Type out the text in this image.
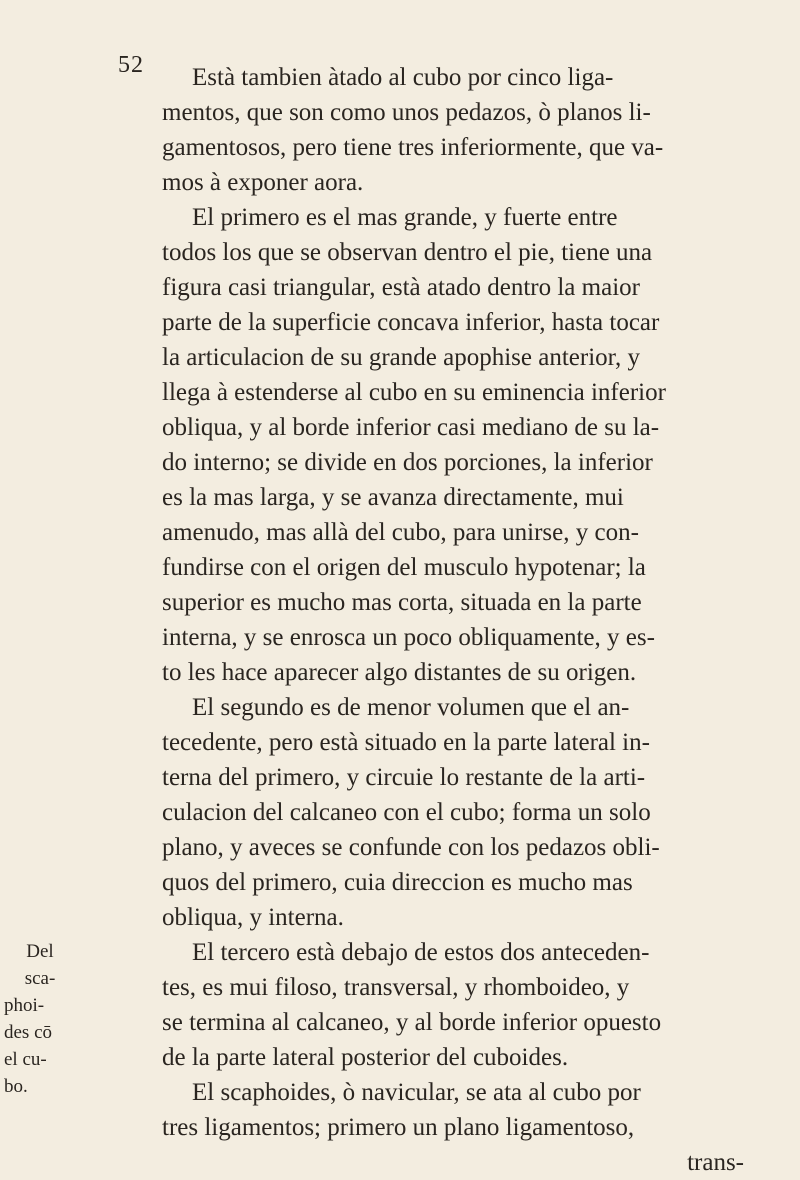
52	Està tambien àtado al cubo por cinco liga-
mentos, que son como unos pedazos, ò planos li-
gamentosos, pero tiene tres inferiormente, que va-
mos à exponer aora.
El primero es el mas grande, y fuerte entre
todos los que se observan dentro el pie, tiene una
figura casi triangular, està atado dentro la maior
parte de la superficie concava inferior, hasta tocar
la articulacion de su grande apophise anterior, y
llega à estenderse al cubo en su eminencia inferior
obliqua, y al borde inferior casi mediano de su la-
do interno; se divide en dos porciones, la inferior
es la mas larga, y se avanza directamente, mui
amenudo, mas allà del cubo, para unirse, y con-
fundirse con el origen del musculo hypotenar; la
superior es mucho mas corta, situada en la parte
interna, y se enrosca un poco obliquamente, y es-
to les hace aparecer algo distantes de su origen.
El segundo es de menor volumen que el an-
tecedente, pero està situado en la parte lateral in-
terna del primero, y circuie lo restante de la arti-
culacion del calcaneo con el cubo; forma un solo
plano, y aveces se confunde con los pedazos obli-
quos del primero, cuia direccion es mucho mas
obliqua, y interna.
El tercero està debajo de estos dos anteceden-
tes, es mui filoso, transversal, y rhomboideo, y
se termina al calcaneo, y al borde inferior opuesto
de la parte lateral posterior del cuboides.
El scaphoides, ò navicular, se ata al cubo por
tres ligamentos; primero un plano ligamentoso,
trans-
Del
sca-
phoi-
des cō
el cu-
bo.
